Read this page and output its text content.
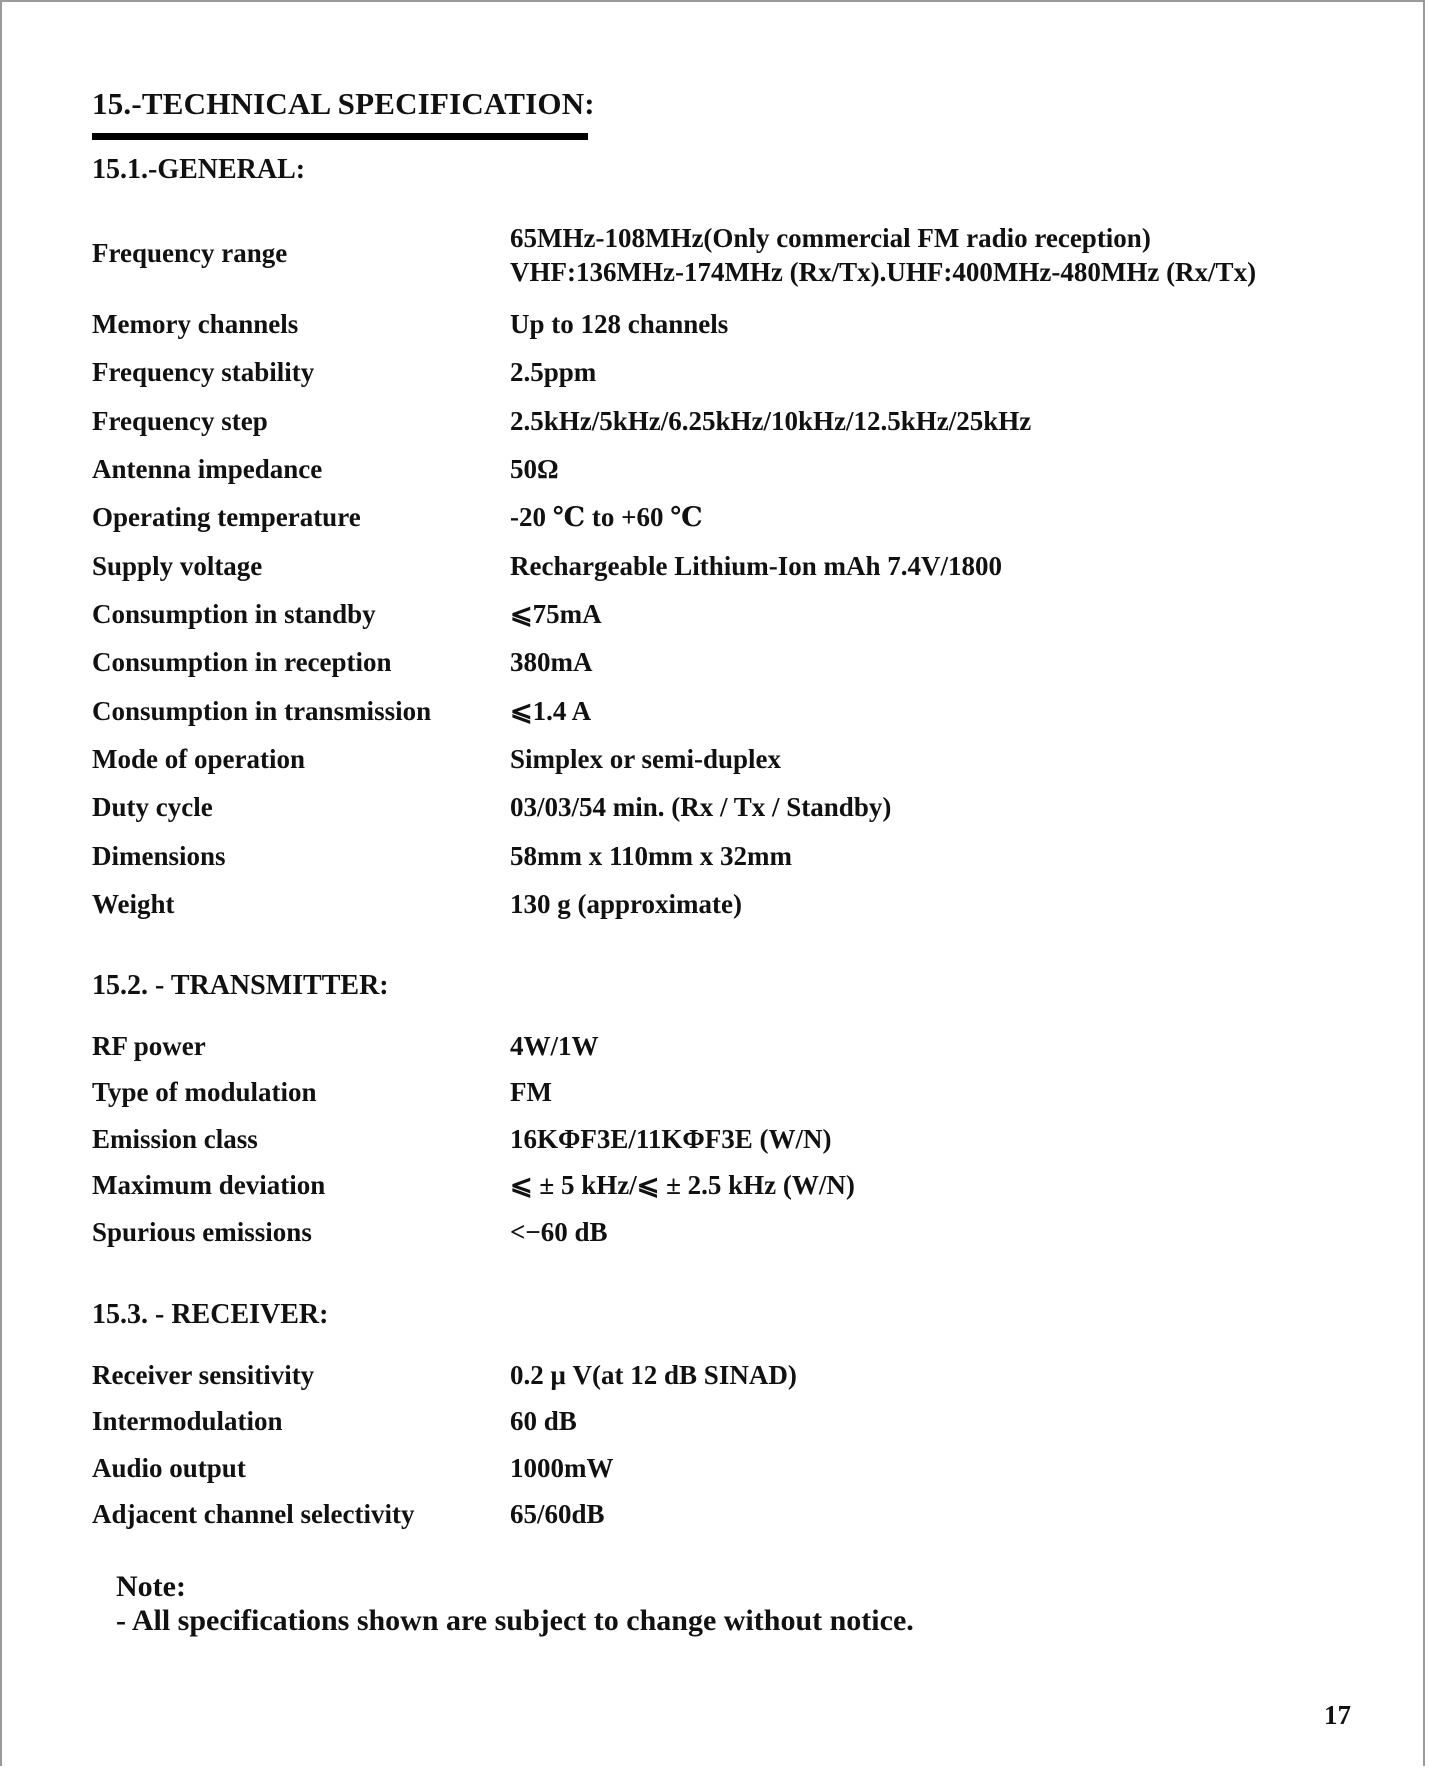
15.-TECHNICAL SPECIFICATION:
15.1.-GENERAL:
Frequency range	65MHz-108MHz(Only commercial FM radio reception)
VHF:136MHz-174MHz (Rx/Tx).UHF:400MHz-480MHz (Rx/Tx)
Memory channels	Up to 128 channels
Frequency stability	2.5ppm
Frequency step	2.5kHz/5kHz/6.25kHz/10kHz/12.5kHz/25kHz
Antenna impedance	50Ω
Operating temperature	-20 ℃ to +60 ℃
Supply voltage	Rechargeable Lithium-Ion mAh 7.4V/1800
Consumption in standby	⩽75mA
Consumption in reception	380mA
Consumption in transmission	⩽1.4 A
Mode of operation	Simplex or semi-duplex
Duty cycle	03/03/54 min. (Rx / Tx / Standby)
Dimensions	58mm x 110mm x 32mm
Weight	130 g (approximate)
15.2. - TRANSMITTER:
RF power	4W/1W
Type of modulation	FM
Emission class	16KΦF3E/11KΦF3E (W/N)
Maximum deviation	⩽ ± 5 kHz/⩽ ± 2.5 kHz (W/N)
Spurious emissions	<−60 dB
15.3. - RECEIVER:
Receiver sensitivity	0.2 μ V(at 12 dB SINAD)
Intermodulation	60 dB
Audio output	1000mW
Adjacent channel selectivity	65/60dB
Note:
- All specifications shown are subject to change without notice.
17
